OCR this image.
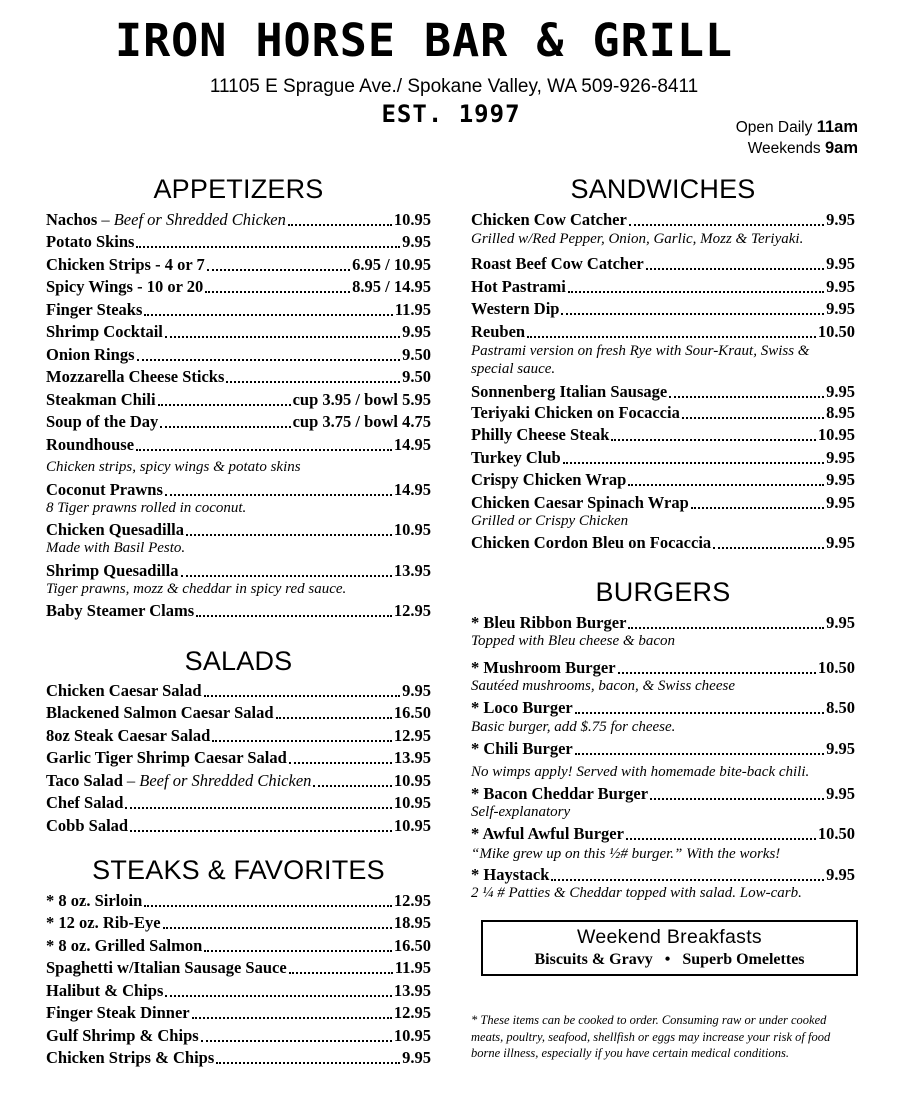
IRON HORSE BAR & GRILL
11105 E Sprague Ave./ Spokane Valley, WA 509-926-8411
EST. 1997	Open Daily 11am
Weekends 9am
APPETIZERS
Nachos – Beef or Shredded Chicken	10.95
Potato Skins	9.95
Chicken Strips - 4 or 7	6.95 / 10.95
Spicy Wings - 10 or 20	8.95 / 14.95
Finger Steaks	11.95
Shrimp Cocktail	9.95
Onion Rings	9.50
Mozzarella Cheese Sticks	9.50
Steakman Chili	cup 3.95 / bowl 5.95
Soup of the Day	cup 3.75 / bowl 4.75
Roundhouse	14.95
Chicken strips, spicy wings & potato skins
Coconut Prawns	14.95
8 Tiger prawns rolled in coconut.
Chicken Quesadilla	10.95
Made with Basil Pesto.
Shrimp Quesadilla	13.95
Tiger prawns, mozz & cheddar in spicy red sauce.
Baby Steamer Clams	12.95
SALADS
Chicken Caesar Salad	9.95
Blackened Salmon Caesar Salad	16.50
8oz Steak Caesar Salad	12.95
Garlic Tiger Shrimp Caesar Salad	13.95
Taco Salad – Beef or Shredded Chicken	10.95
Chef Salad	10.95
Cobb Salad	10.95
STEAKS & FAVORITES
* 8 oz. Sirloin	12.95
* 12 oz. Rib-Eye	18.95
* 8 oz. Grilled Salmon	16.50
Spaghetti w/Italian Sausage Sauce	11.95
Halibut & Chips	13.95
Finger Steak Dinner	12.95
Gulf Shrimp & Chips	10.95
Chicken Strips & Chips	9.95
SANDWICHES
Chicken Cow Catcher	9.95
Grilled w/Red Pepper, Onion, Garlic, Mozz & Teriyaki.
Roast Beef Cow Catcher	9.95
Hot Pastrami	9.95
Western Dip	9.95
Reuben	10.50
Pastrami version on fresh Rye with Sour-Kraut, Swiss & special sauce.
Sonnenberg Italian Sausage	9.95
Teriyaki Chicken on Focaccia	8.95
Philly Cheese Steak	10.95
Turkey Club	9.95
Crispy Chicken Wrap	9.95
Chicken Caesar Spinach Wrap	9.95
Grilled or Crispy Chicken
Chicken Cordon Bleu on Focaccia	9.95
BURGERS
* Bleu Ribbon Burger	9.95
Topped with Bleu cheese & bacon
* Mushroom Burger	10.50
Sautéed mushrooms, bacon, & Swiss cheese
* Loco Burger	8.50
Basic burger, add $.75 for cheese.
* Chili Burger	9.95
No wimps apply! Served with homemade bite-back chili.
* Bacon Cheddar Burger	9.95
Self-explanatory
* Awful Awful Burger	10.50
“Mike grew up on this ½# burger.” With the works!
* Haystack	9.95
2 ¼ # Patties & Cheddar topped with salad. Low-carb.
Weekend Breakfasts
Biscuits & Gravy • Superb Omelettes
* These items can be cooked to order. Consuming raw or under cooked meats, poultry, seafood, shellfish or eggs may increase your risk of food borne illness, especially if you have certain medical conditions.
